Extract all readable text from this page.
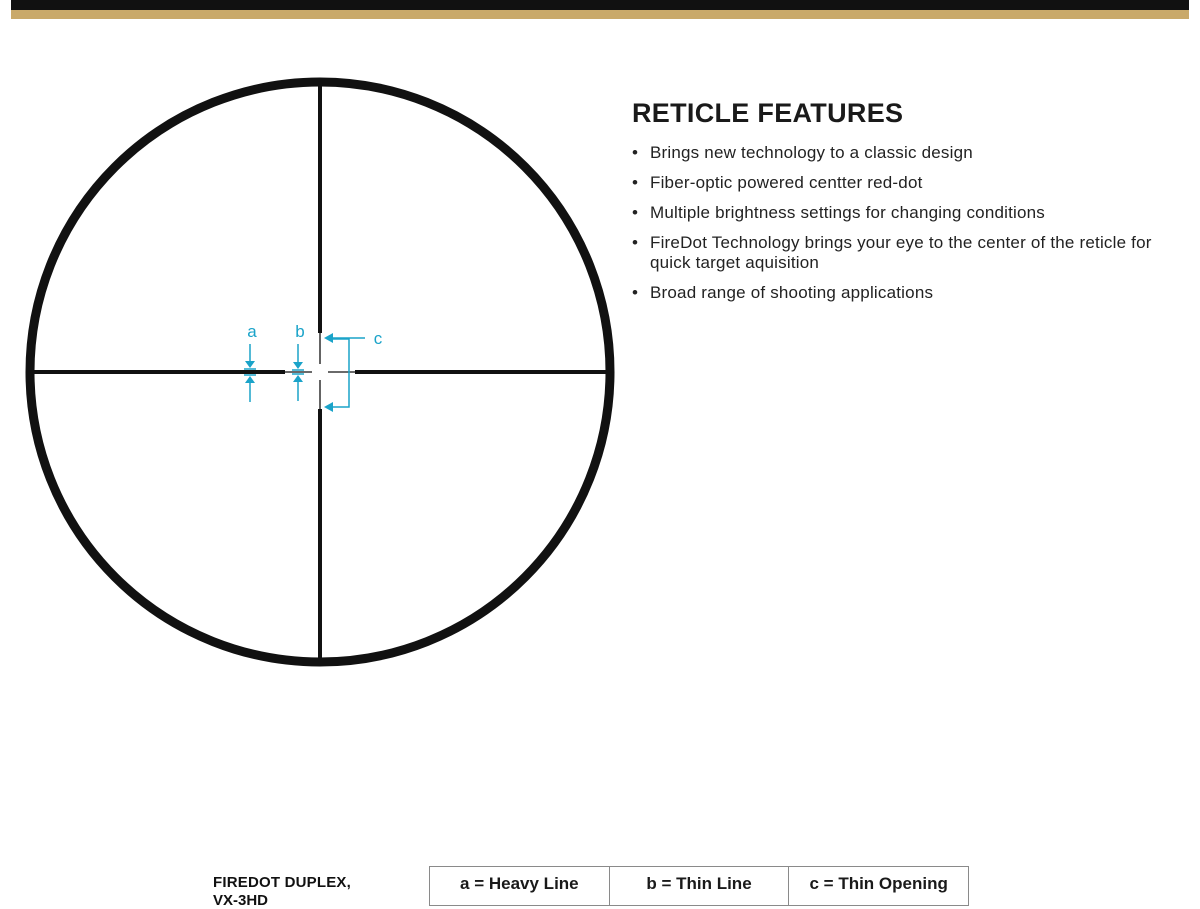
a b	c
RETICLE FEATURES
• Brings new technology to a classic design
• Fiber-optic powered centter red-dot
• Multiple brightness settings for changing conditions
• FireDot Technology brings your eye to the center of the reticle for quick target aquisition
• Broad range of shooting applications
FIREDOT DUPLEX,
VX-3HD
a = Heavy Line	b = Thin Line	c = Thin Opening
